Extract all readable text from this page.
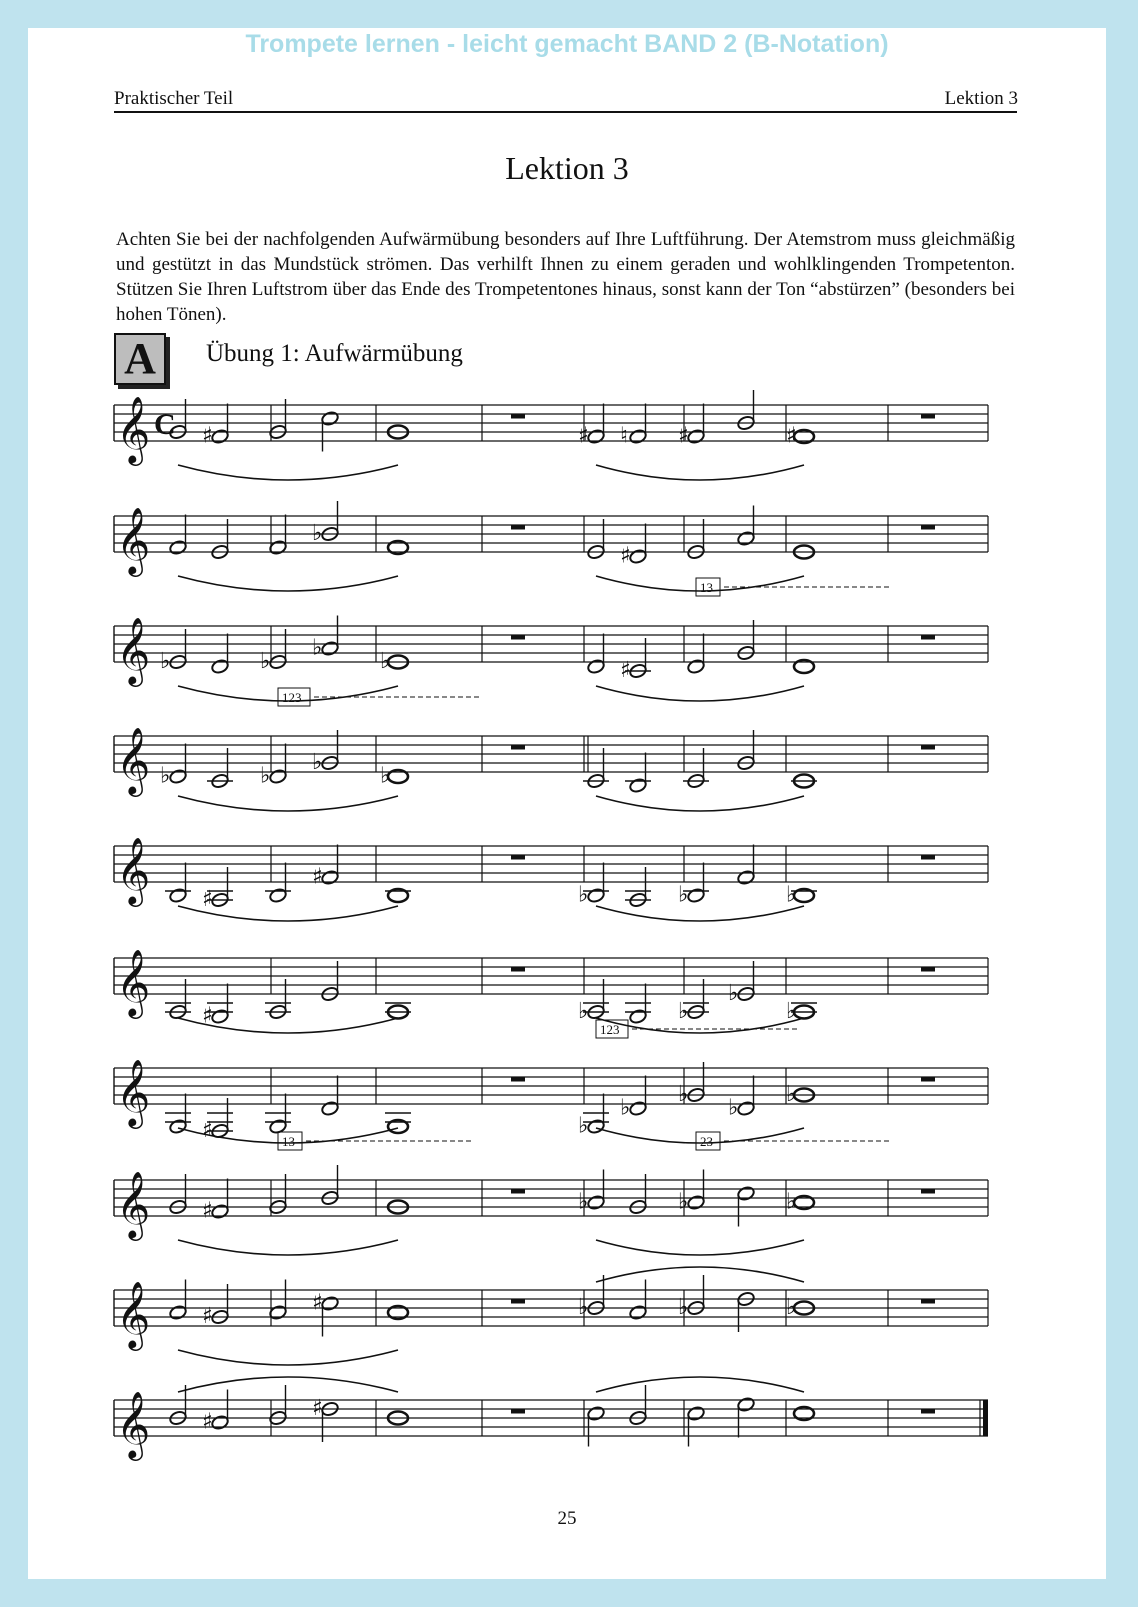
Trompete lernen - leicht gemacht BAND 2 (B-Notation)
Praktischer Teil	Lektion 3
Lektion 3
Achten Sie bei der nachfolgenden Aufwärmübung besonders auf Ihre Luftführung. Der Atemstrom muss gleichmäßig und gestützt in das Mundstück strömen. Das verhilft Ihnen zu einem geraden und wohlklingenden Trompetenton. Stützen Sie Ihren Luftstrom über das Ende des Trompetentones hinaus, sonst kann der Ton “abstürzen” (besonders bei hohen Tönen).
A	Übung 1: Aufwärmübung
𝄞 C ♯	♯ ♮ ♯	♯
𝄞	♭
♯
𝄞 ♭	♭
♭
♭	♯
𝄞 ♭	♭
♭
♭
𝄞 ♯
♯
♭	♭	♭
𝄞 ♯	♭	♭
♭
♭
𝄞
♯	♭
♭
♭
♭
♭
𝄞 ♯	♭	♭	♭
𝄞 ♯
♯	♭	♭	♭
𝄞 ♯
♯
13
123
123
13	23
25
